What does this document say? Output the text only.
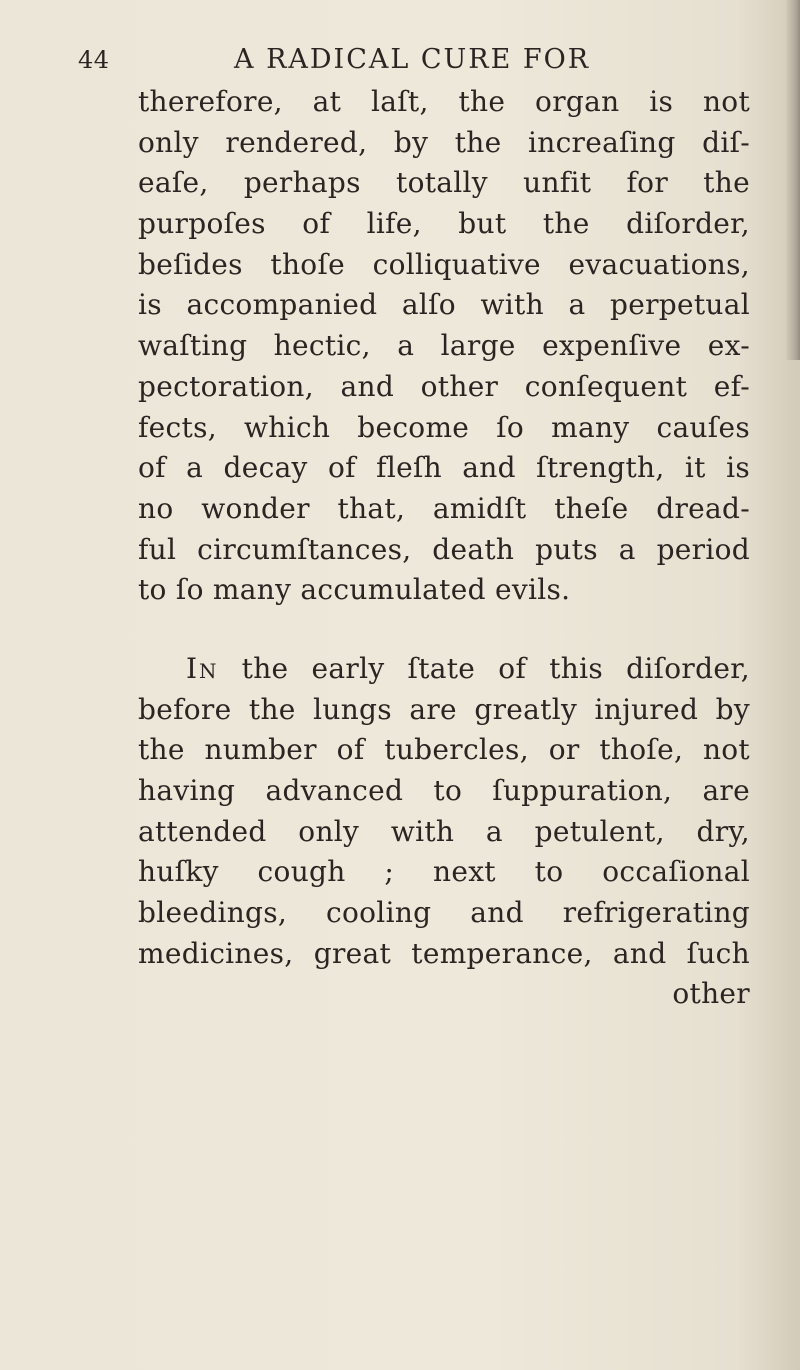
44	A RADICAL CURE FOR
therefore, at laſt, the organ is not
only rendered, by the increaſing diſ-
eaſe, perhaps totally unfit for the
purpoſes of life, but the diſorder,
beſides thoſe colliquative evacuations,
is accompanied alſo with a perpetual
waſting hectic, a large expenſive ex-
pectoration, and other conſequent ef-
fects, which become ſo many cauſes
of a decay of fleſh and ſtrength, it is
no wonder that, amidſt theſe dread-
ful circumſtances, death puts a period
to ſo many accumulated evils.
In the early ſtate of this diſorder,
before the lungs are greatly injured by
the number of tubercles, or thoſe, not
having advanced to ſuppuration, are
attended only with a petulent, dry,
huſky cough ; next to occaſional
bleedings, cooling and refrigerating
medicines, great temperance, and ſuch
other
